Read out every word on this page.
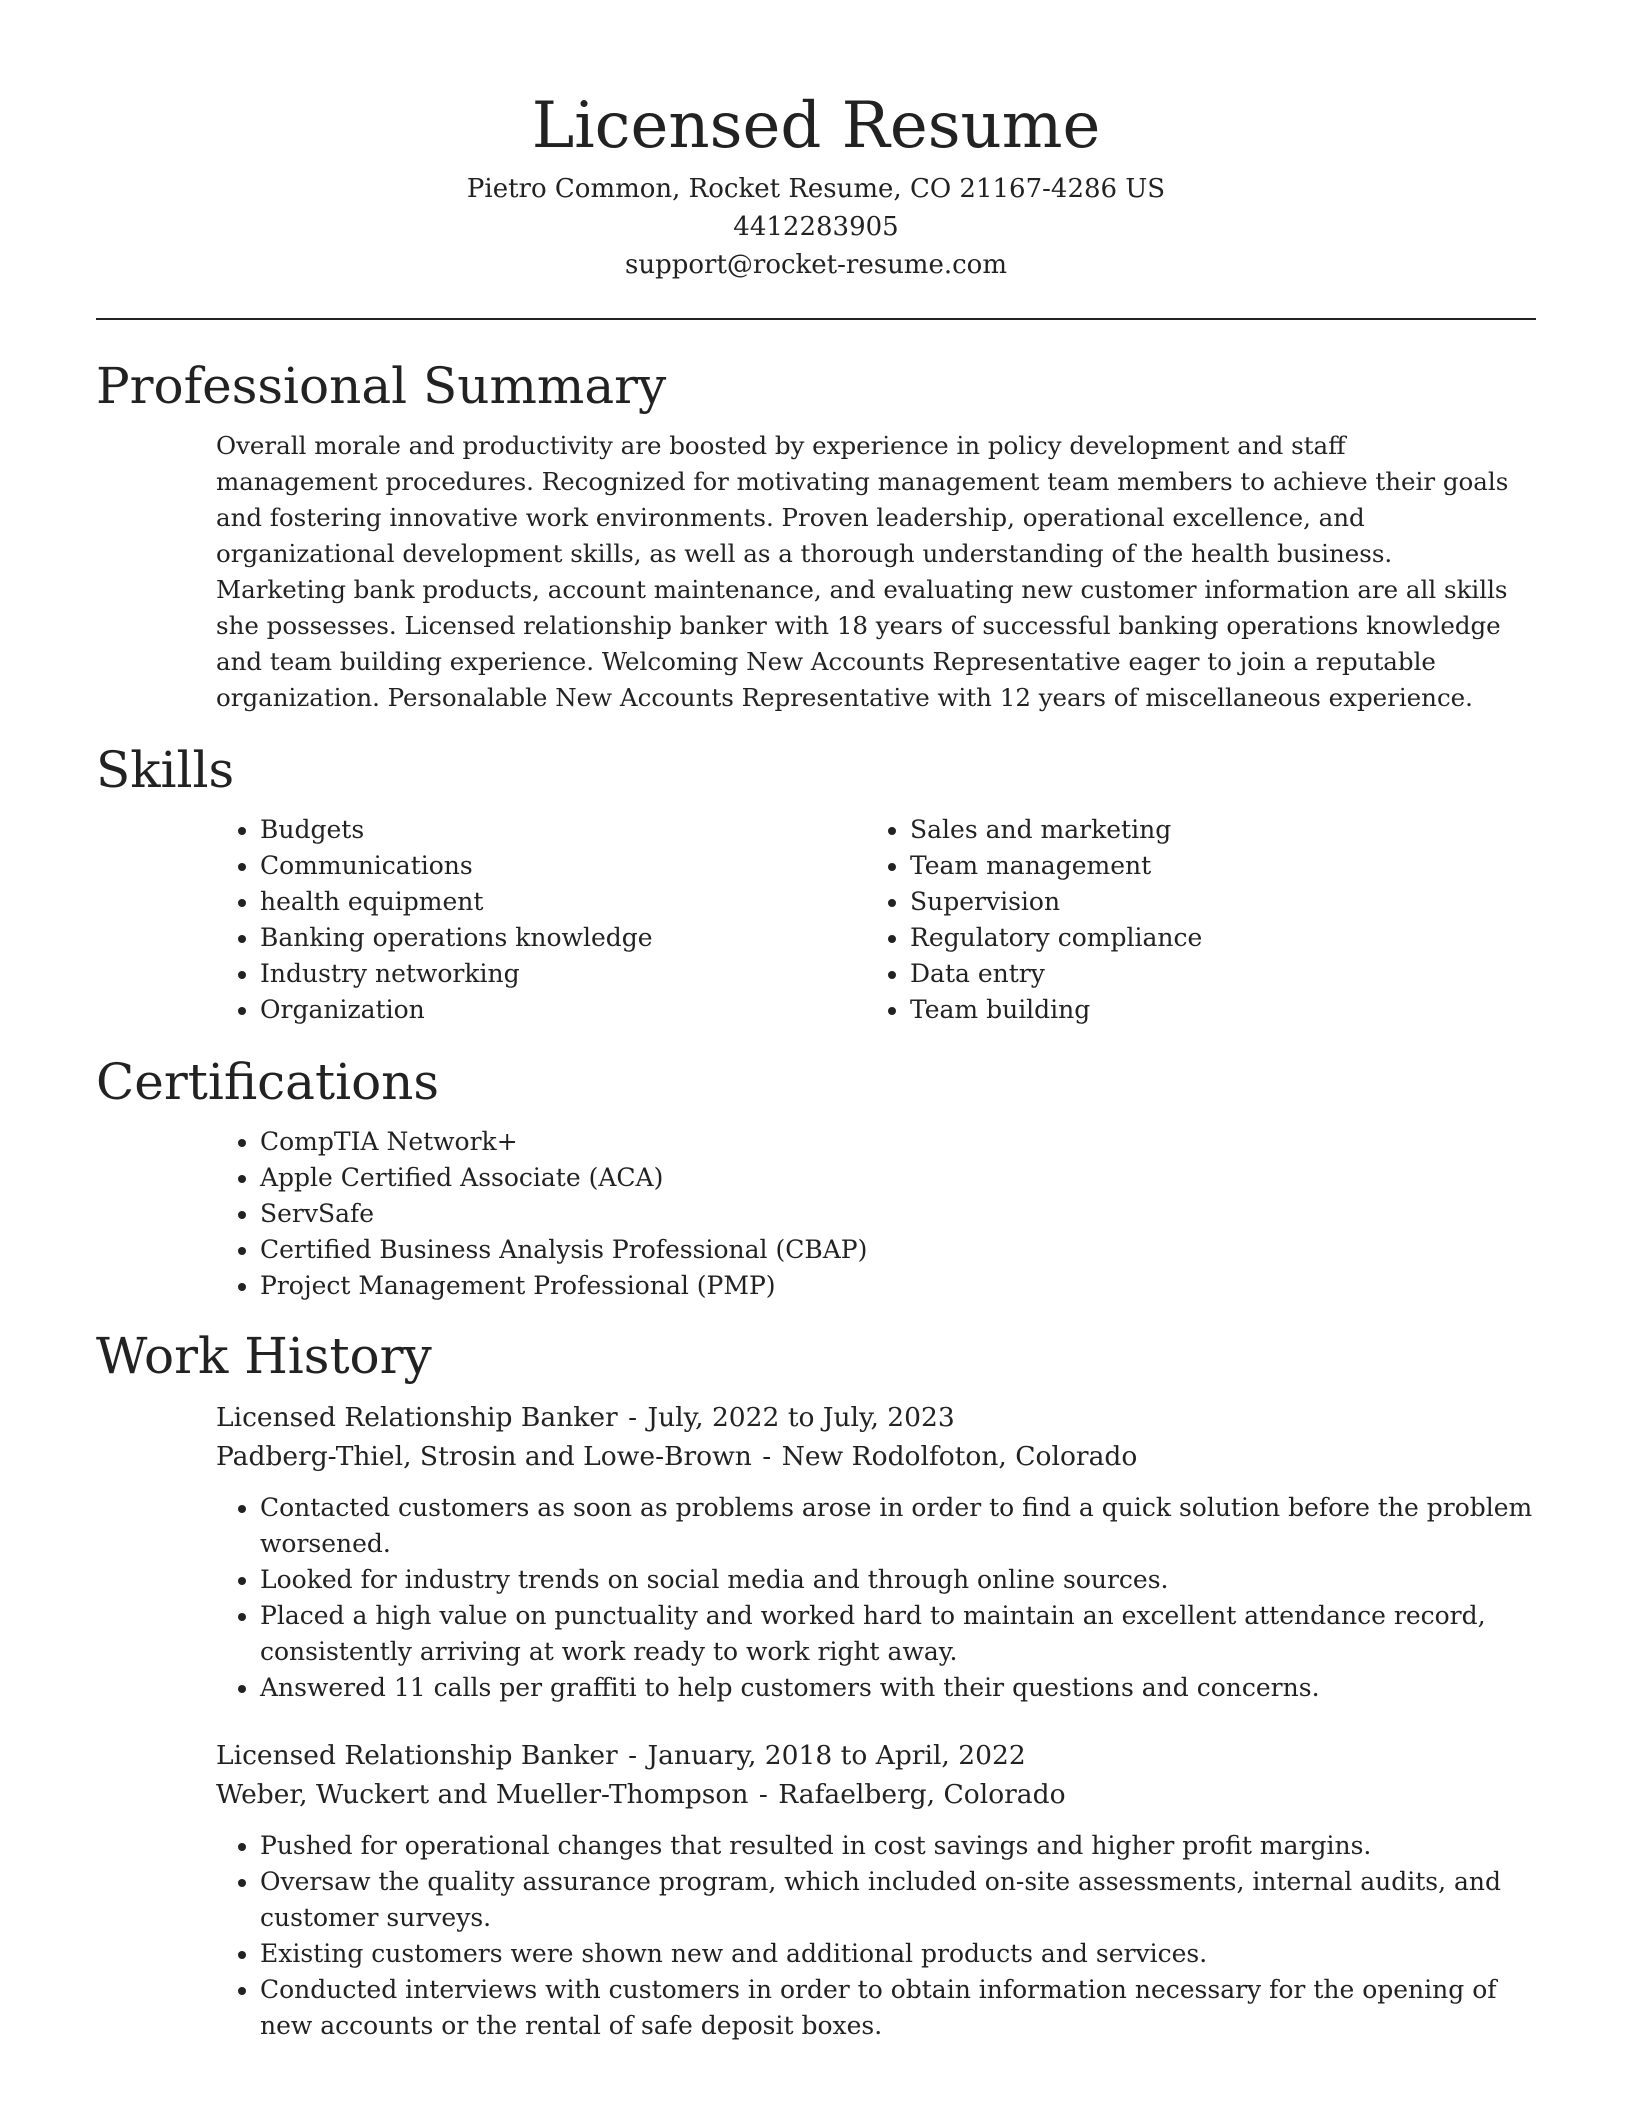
Licensed Resume
Pietro Common, Rocket Resume, CO 21167-4286 US
4412283905
support@rocket-resume.com
Professional Summary

Overall morale and productivity are boosted by experience in policy development and staff management procedures. Recognized for motivating management team members to achieve their goals and fostering innovative work environments. Proven leadership, operational excellence, and organizational development skills, as well as a thorough understanding of the health business. Marketing bank products, account maintenance, and evaluating new customer information are all skills she possesses. Licensed relationship banker with 18 years of successful banking operations knowledge and team building experience. Welcoming New Accounts Representative eager to join a reputable organization. Personalable New Accounts Representative with 12 years of miscellaneous experience.

Skills
• Budgets
• Communications
• health equipment
• Banking operations knowledge
• Industry networking
• Organization
• Sales and marketing
• Team management
• Supervision
• Regulatory compliance
• Data entry
• Team building
Certifications
• CompTIA Network+
• Apple Certified Associate (ACA)
• ServSafe
• Certified Business Analysis Professional (CBAP)
• Project Management Professional (PMP)
Work History
Licensed Relationship Banker - July, 2022 to July, 2023
Padberg-Thiel, Strosin and Lowe-Brown - New Rodolfoton, Colorado
• Contacted customers as soon as problems arose in order to find a quick solution before the problem worsened.
• Looked for industry trends on social media and through online sources.
• Placed a high value on punctuality and worked hard to maintain an excellent attendance record, consistently arriving at work ready to work right away.
• Answered 11 calls per graffiti to help customers with their questions and concerns.
Licensed Relationship Banker - January, 2018 to April, 2022
Weber, Wuckert and Mueller-Thompson - Rafaelberg, Colorado
• Pushed for operational changes that resulted in cost savings and higher profit margins.
• Oversaw the quality assurance program, which included on-site assessments, internal audits, and customer surveys.
• Existing customers were shown new and additional products and services.
• Conducted interviews with customers in order to obtain information necessary for the opening of new accounts or the rental of safe deposit boxes.
